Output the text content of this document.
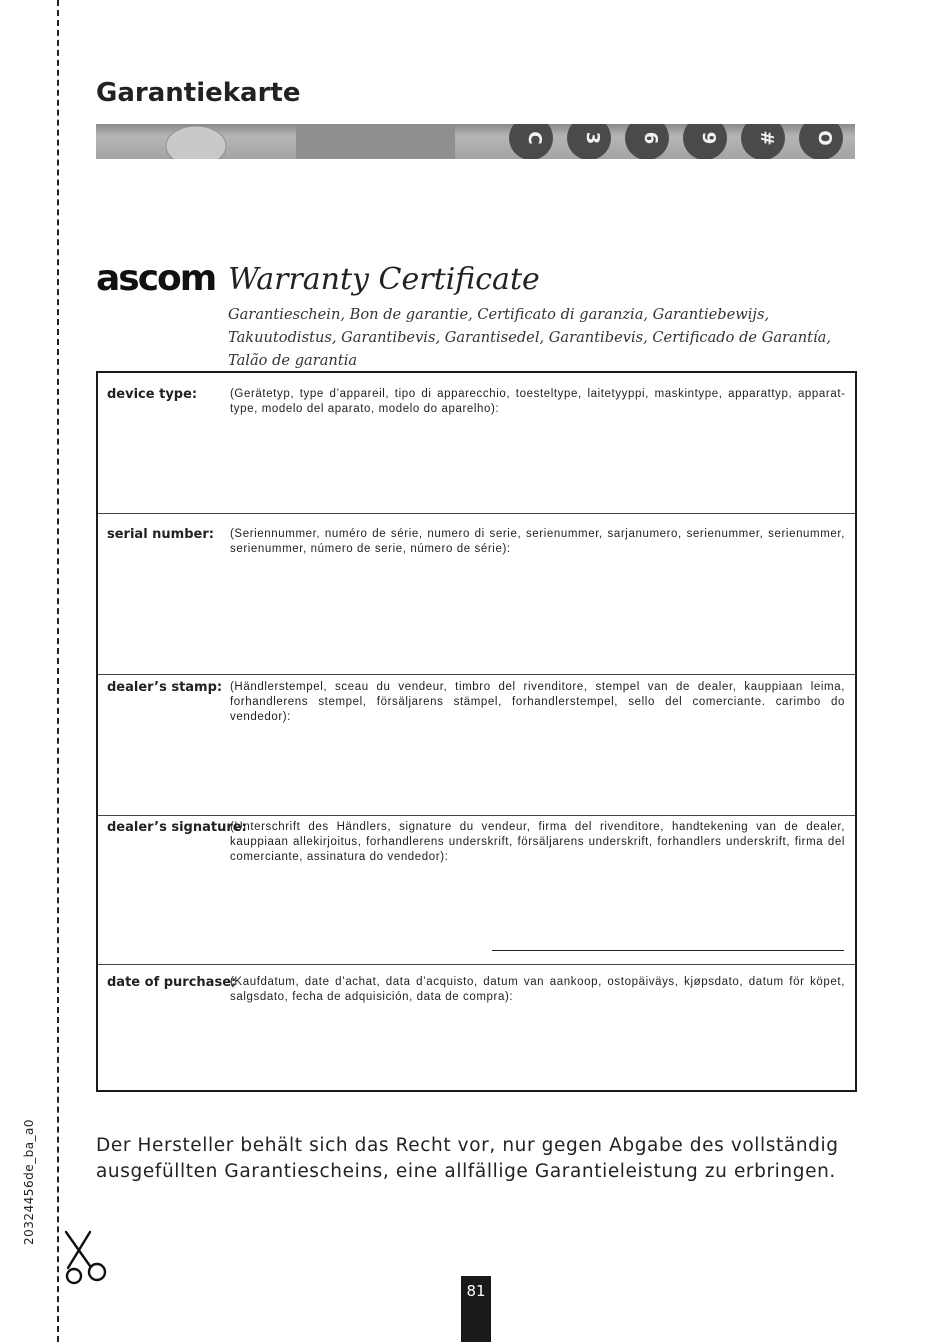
20324456de_ba_a0
Garantiekarte
C 3 6 9 # O
ascom Warranty Certificate
Garantieschein, Bon de garantie, Certificato di garanzia, Garantiebewijs, Takuutodistus, Garantibevis, Garantisedel, Garantibevis, Certificado de Garantía, Talão de garantia
device type:	(Gerätetyp, type d’appareil, tipo di apparecchio, toesteltype, laitetyyppi, maskintype, apparattyp, apparattype, modelo del aparato, modelo do aparelho):
serial number: (Seriennummer, numéro de série, numero di serie, serienummer, sarjanumero, serienummer, serienummer, serienummer, número de serie, número de série):
dealer’s stamp: (Händlerstempel, sceau du vendeur, timbro del rivenditore, stempel van de dealer, kauppiaan leima, forhandlerens stempel, försäljarens stämpel, forhandlerstempel, sello del comerciante. carimbo do vendedor):
dealer’s signature:
(Unterschrift des Händlers, signature du vendeur, firma del rivenditore, handtekening van de dealer, kauppiaan allekirjoitus, forhandlerens underskrift, försäljarens underskrift, forhandlers underskrift, firma del comerciante, assinatura do vendedor):
date of purchase:
(Kaufdatum, date d’achat, data d’acquisto, datum van aankoop, ostopäiväys, kjøpsdato, datum för köpet, salgsdato, fecha de adquisición, data de compra):
Der Hersteller behält sich das Recht vor, nur gegen Abgabe des vollständig ausgefüllten Garantiescheins, eine allfällige Garantieleistung zu erbringen.
81
